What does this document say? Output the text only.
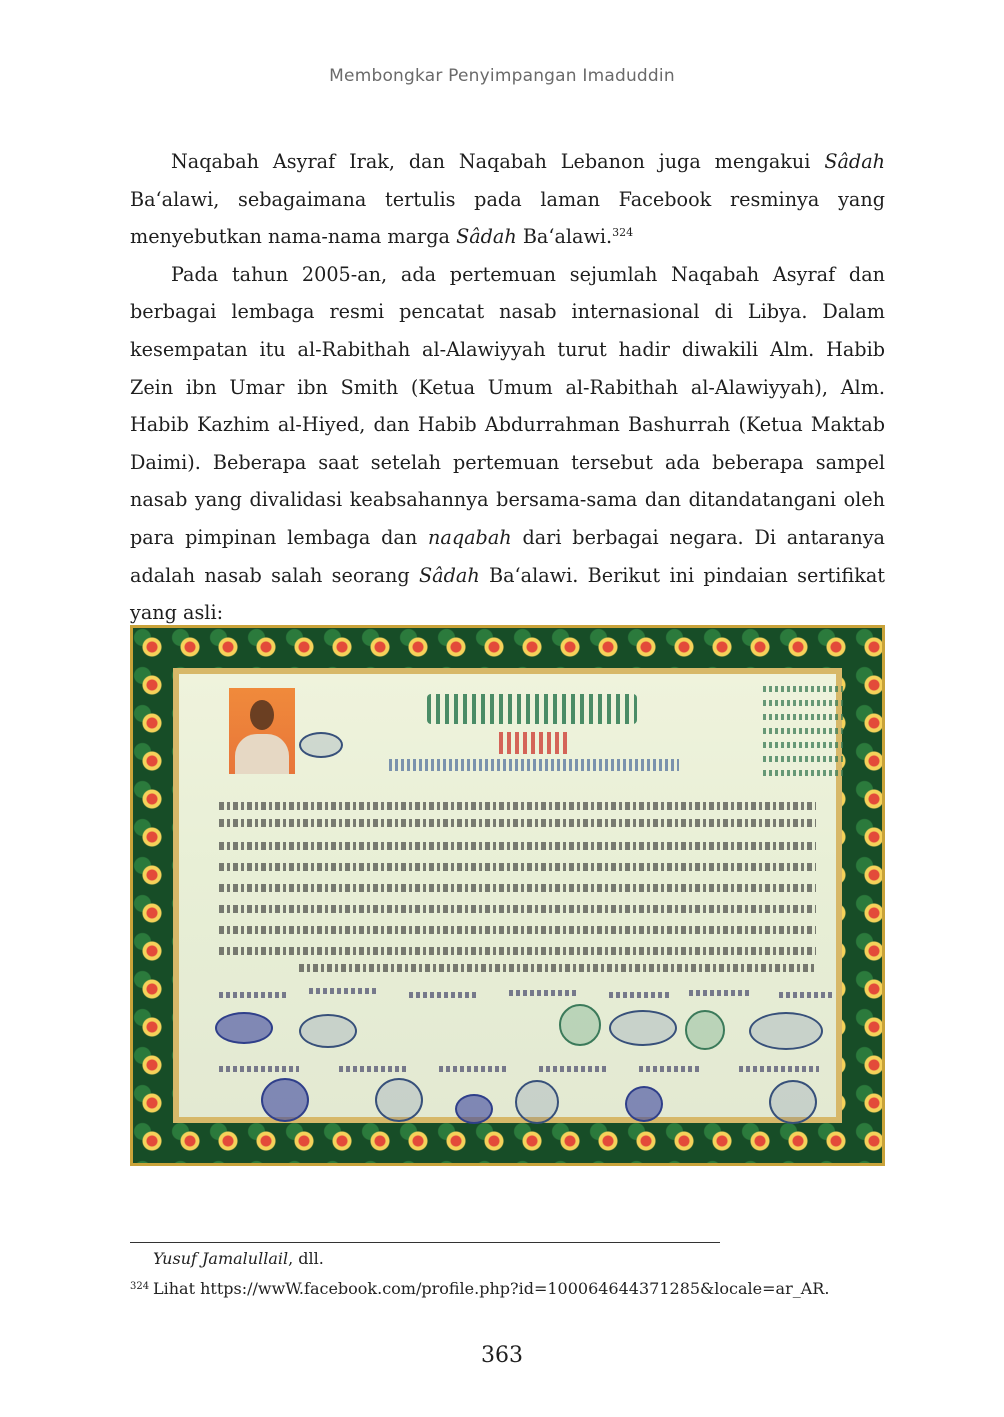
Membongkar Penyimpangan Imaduddin

Naqabah Asyraf Irak, dan Naqabah Lebanon juga mengakui Sâdah Ba‘alawi, sebagaimana tertulis pada laman Facebook resminya yang menyebutkan nama-nama marga Sâdah Ba‘alawi.$^{324}$

Pada tahun 2005-an, ada pertemuan sejumlah Naqabah Asyraf dan berbagai lembaga resmi pencatat nasab internasional di Libya. Dalam kesempatan itu al-Rabithah al-Alawiyyah turut hadir diwakili Alm. Habib Zein ibn Umar ibn Smith (Ketua Umum al-Rabithah al-Alawiyyah), Alm. Habib Kazhim al-Hiyed, dan Habib Abdurrahman Bashurrah (Ketua Maktab Daimi). Beberapa saat setelah pertemuan tersebut ada beberapa sampel nasab yang divalidasi keabsahannya bersama-sama dan ditandatangani oleh para pimpinan lembaga dan naqabah dari berbagai negara. Di antaranya adalah nasab salah seorang Sâdah Ba‘alawi. Berikut ini pindaian sertifikat yang asli:

Yusuf Jamalullail, dll.
324 Lihat https://wwW.facebook.com/profile.php?id=100064644371285&locale=ar_AR.
363
